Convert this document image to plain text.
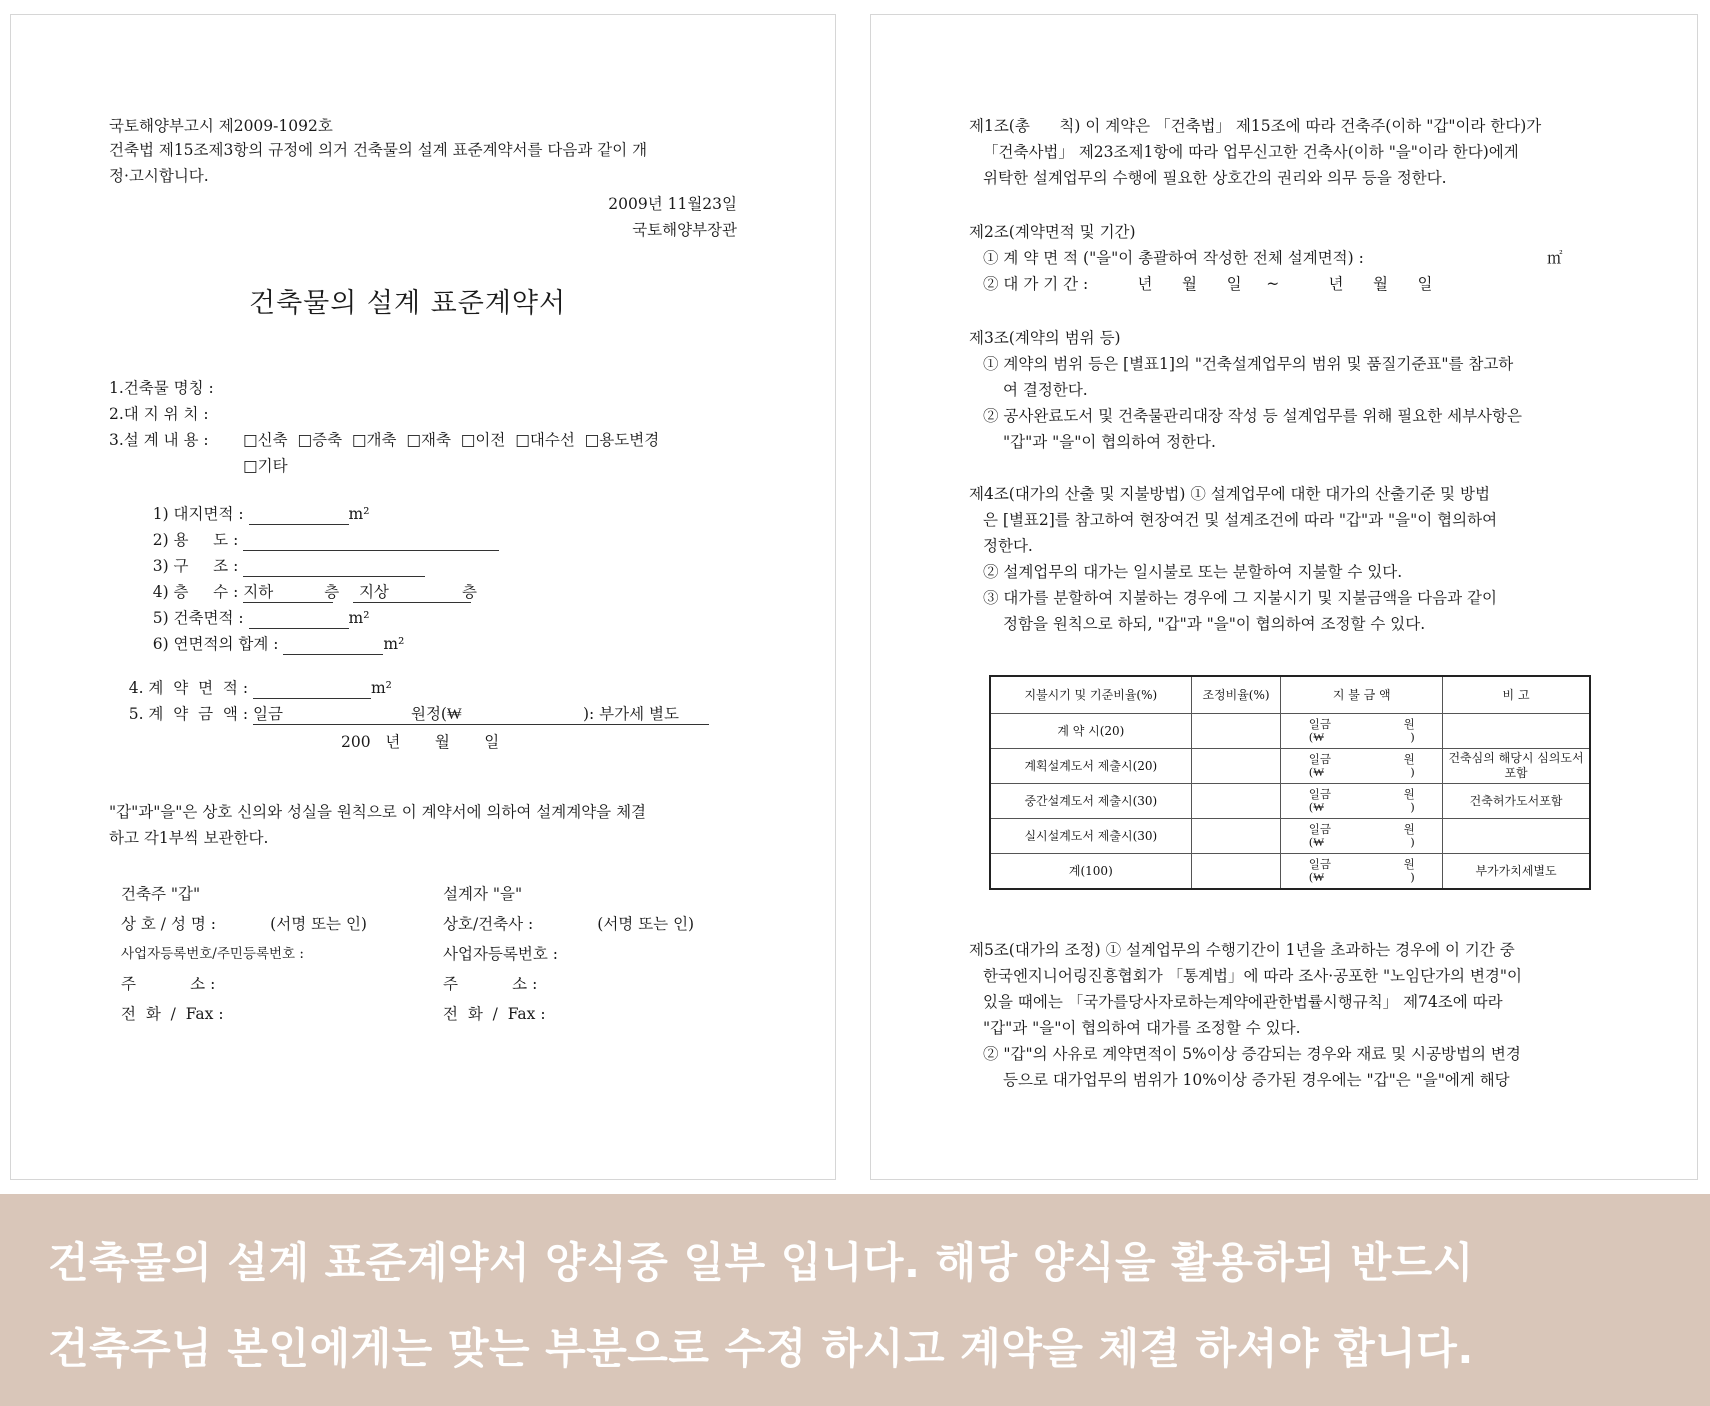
국토해양부고시 제2009-1092호
건축법 제15조제3항의 규정에 의거 건축물의 설계 표준계약서를 다음과 같이 개
정·고시합니다.
2009년 11월23일
국토해양부장관
건축물의 설계 표준계약서
1.건축물 명칭 :
2.대 지 위 치 :
3.설 계 내 용 : □신축  □증축  □개축  □재축  □이전  □대수선  □용도변경
□기타

1) 대지면적 :	m²

2) 용     도 :

3) 구     조 :

4) 층     수 : 지하	층
지상	층

5) 건축면적 :	m²

6) 연면적의 합계 :	m²

4. 계  약  면  적 :	m²

5. 계  약  금  액 : 일금	원정(₩	): 부가세 별도

200   년       월       일
"갑"과"을"은 상호 신의와 성실을 원칙으로 이 계약서에 의하여 설계계약을 체결
하고 각1부씩 보관한다.
건축주 "갑"	설계자 "을"
상 호 / 성 명 :           (서명 또는 인)	상호/건축사 :             (서명 또는 인)
사업자등록번호/주민등록번호 :	사업자등록번호 :
주           소 :	주           소 :
전  화  /  Fax :	전  화  /  Fax :
제1조(총      칙) 이 계약은 「건축법」 제15조에 따라 건축주(이하 "갑"이라 한다)가
「건축사법」 제23조제1항에 따라 업무신고한 건축사(이하 "을"이라 한다)에게
위탁한 설계업무의 수행에 필요한 상호간의 권리와 의무 등을 정한다.
제2조(계약면적 및 기간)
① 계 약 면 적 ("을"이 총괄하여 작성한 전체 설계면적) :	㎡
② 대 가 기 간 :          년      월      일     ~          년      월      일
제3조(계약의 범위 등)
① 계약의 범위 등은 [별표1]의 "건축설계업무의 범위 및 품질기준표"를 참고하
여 결정한다.
② 공사완료도서 및 건축물관리대장 작성 등 설계업무를 위해 필요한 세부사항은
"갑"과 "을"이 협의하여 정한다.
제4조(대가의 산출 및 지불방법) ① 설계업무에 대한 대가의 산출기준 및 방법
은 [별표2]를 참고하여 현장여건 및 설계조건에 따라 "갑"과 "을"이 협의하여
정한다.
② 설계업무의 대가는 일시불로 또는 분할하여 지불할 수 있다.
③ 대가를 분할하여 지불하는 경우에 그 지불시기 및 지불금액을 다음과 같이
정함을 원칙으로 하되, "갑"과 "을"이 협의하여 조정할 수 있다.
지불시기 및 기준비율(%)	조정비율(%)	지 불 금 액	비 고
계 약 시(20)		일금 원

(₩ )	

계획설계도서 제출시(20)		일금 원

(₩ )	건축심의 해당시 심의도서포함
중간설계도서 제출시(30)		일금 원

(₩ )	건축허가도서포함
실시설계도서 제출시(30)		일금 원

(₩ )	

계(100)		일금 원

(₩ )	부가가치세별도
제5조(대가의 조정) ① 설계업무의 수행기간이 1년을 초과하는 경우에 이 기간 중
한국엔지니어링진흥협회가 「통계법」에 따라 조사·공포한 "노임단가의 변경"이
있을 때에는 「국가를당사자로하는계약에관한법률시행규칙」 제74조에 따라
"갑"과 "을"이 협의하여 대가를 조정할 수 있다.
② "갑"의 사유로 계약면적이 5%이상 증감되는 경우와 재료 및 시공방법의 변경
등으로 대가업무의 범위가 10%이상 증가된 경우에는 "갑"은 "을"에게 해당
건축물의 설계 표준계약서 양식중 일부 입니다. 해당 양식을 활용하되 반드시
건축주님 본인에게는 맞는 부분으로 수정 하시고 계약을 체결 하셔야 합니다.
